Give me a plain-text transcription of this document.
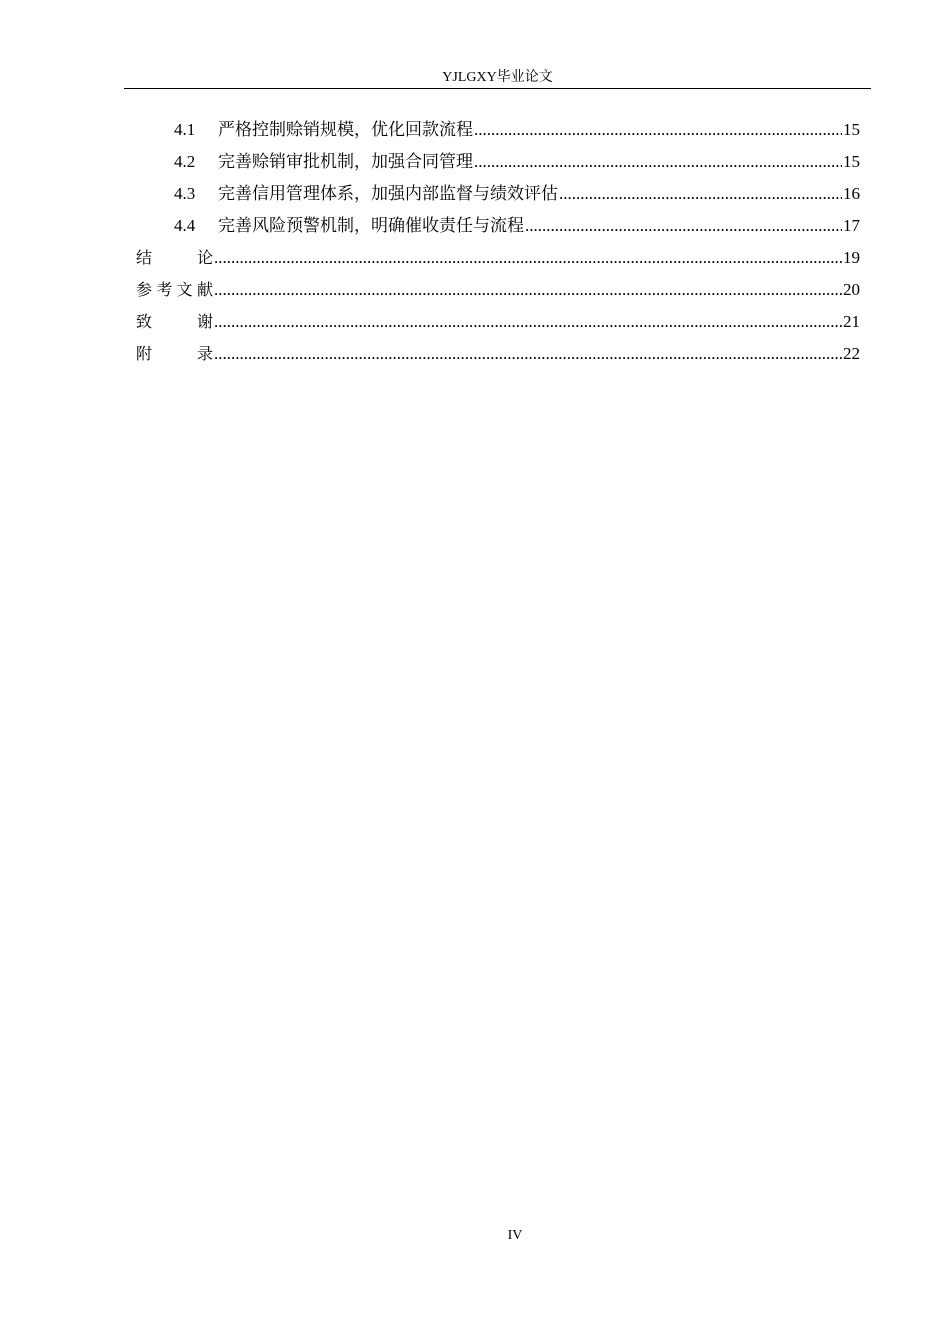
YJLGXY毕业论文
4.1	严格控制赊销规模，优化回款流程 .....	15
4.2	完善赊销审批机制，加强合同管理 .....	15
4.3	完善信用管理体系，加强内部监督与绩效评估 .....	16
4.4	完善风险预警机制，明确催收责任与流程 .....	17
结论 .....	19
参考文献 .....	20
致谢 .....	21
附录 .....	22
IV
